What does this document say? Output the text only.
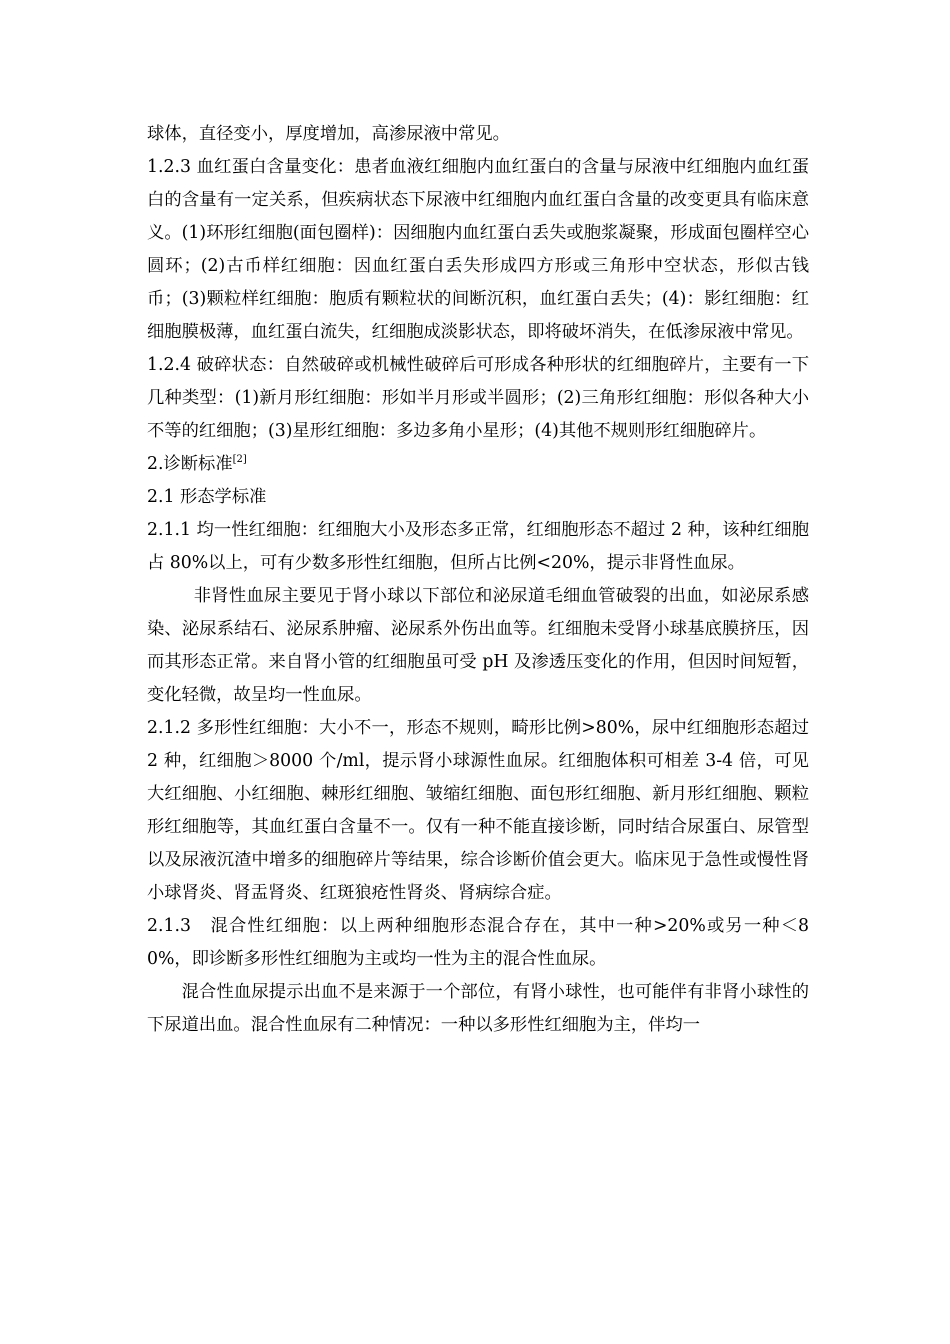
球体，直径变小，厚度增加，高渗尿液中常见。

1.2.3 血红蛋白含量变化：患者血液红细胞内血红蛋白的含量与尿液中红细胞内血红蛋白的含量有一定关系，但疾病状态下尿液中红细胞内血红蛋白含量的改变更具有临床意义。(1)环形红细胞(面包圈样)：因细胞内血红蛋白丢失或胞浆凝聚，形成面包圈样空心圆环；(2)古币样红细胞：因血红蛋白丢失形成四方形或三角形中空状态，形似古钱币；(3)颗粒样红细胞：胞质有颗粒状的间断沉积，血红蛋白丢失；(4)：影红细胞：红细胞膜极薄，血红蛋白流失，红细胞成淡影状态，即将破坏消失，在低渗尿液中常见。

1.2.4 破碎状态：自然破碎或机械性破碎后可形成各种形状的红细胞碎片，主要有一下几种类型：(1)新月形红细胞：形如半月形或半圆形；(2)三角形红细胞：形似各种大小不等的红细胞；(3)星形红细胞：多边多角小星形；(4)其他不规则形红细胞碎片。

2.诊断标准[2]

2.1 形态学标准

2.1.1 均一性红细胞：红细胞大小及形态多正常，红细胞形态不超过 2 种，该种红细胞占 80%以上，可有少数多形性红细胞，但所占比例<20%，提示非肾性血尿。

非肾性血尿主要见于肾小球以下部位和泌尿道毛细血管破裂的出血，如泌尿系感染、泌尿系结石、泌尿系肿瘤、泌尿系外伤出血等。红细胞未受肾小球基底膜挤压，因而其形态正常。来自肾小管的红细胞虽可受 pH 及渗透压变化的作用，但因时间短暂，变化轻微，故呈均一性血尿。

2.1.2 多形性红细胞：大小不一，形态不规则，畸形比例>80%，尿中红细胞形态超过 2 种，红细胞＞8000 个/ml，提示肾小球源性血尿。红细胞体积可相差 3-4 倍，可见大红细胞、小红细胞、棘形红细胞、皱缩红细胞、面包形红细胞、新月形红细胞、颗粒形红细胞等，其血红蛋白含量不一。仅有一种不能直接诊断，同时结合尿蛋白、尿管型以及尿液沉渣中增多的细胞碎片等结果，综合诊断价值会更大。临床见于急性或慢性肾小球肾炎、肾盂肾炎、红斑狼疮性肾炎、肾病综合症。

2.1.3　混合性红细胞：以上两种细胞形态混合存在，其中一种>20%或另一种＜80%，即诊断多形性红细胞为主或均一性为主的混合性血尿。

混合性血尿提示出血不是来源于一个部位，有肾小球性，也可能伴有非肾小球性的下尿道出血。混合性血尿有二种情况：一种以多形性红细胞为主，伴均一
